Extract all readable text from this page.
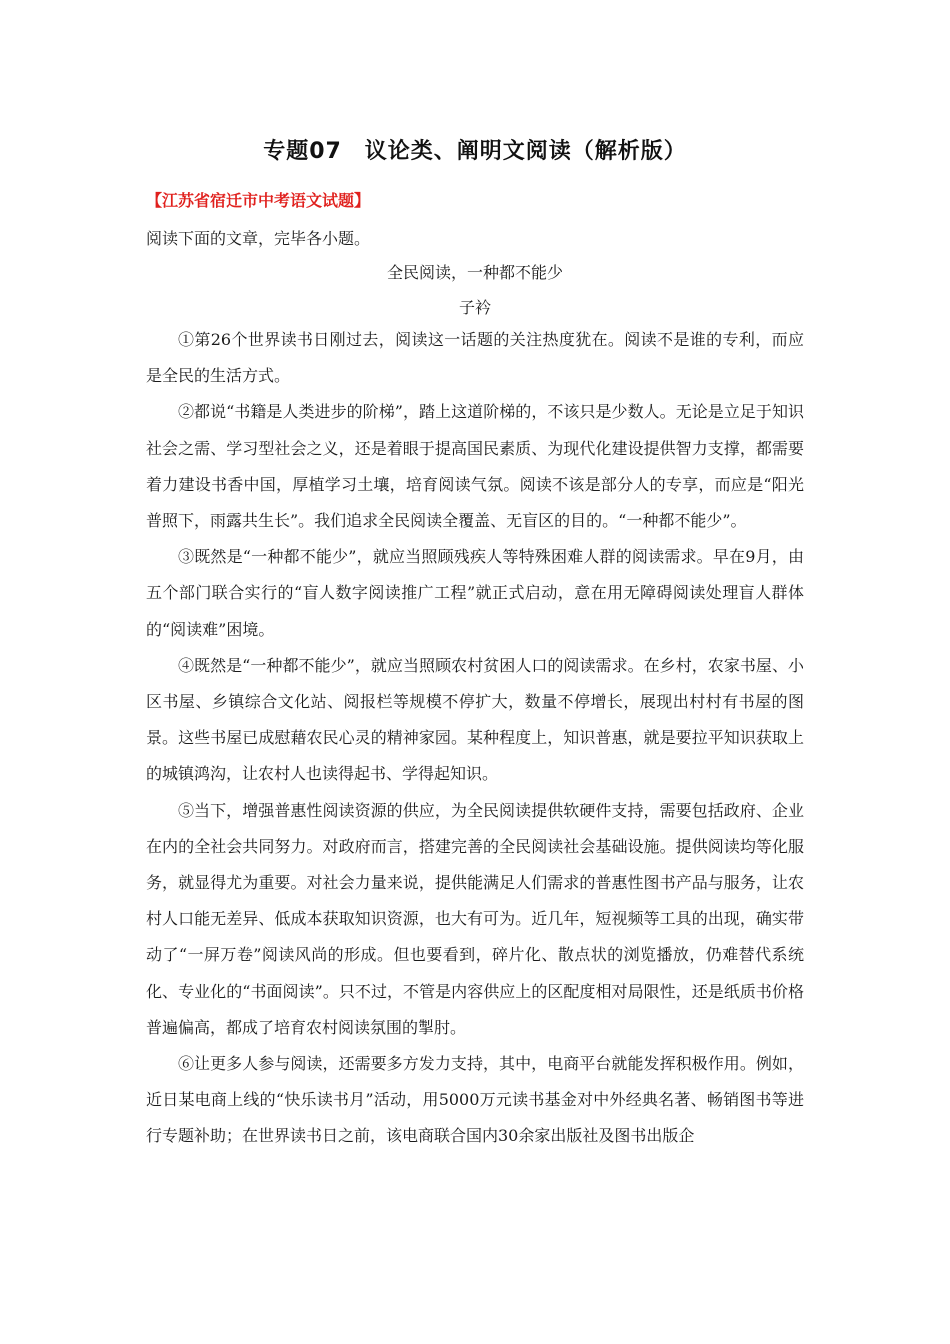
专题07　议论类、阐明文阅读（解析版）
【江苏省宿迁市中考语文试题】
阅读下面的文章，完毕各小题。
全民阅读，一种都不能少
子衿

①第26个世界读书日刚过去，阅读这一话题的关注热度犹在。阅读不是谁的专利，而应是全民的生活方式。

②都说“书籍是人类进步的阶梯”，踏上这道阶梯的，不该只是少数人。无论是立足于知识社会之需、学习型社会之义，还是着眼于提高国民素质、为现代化建设提供智力支撑，都需要着力建设书香中国，厚植学习土壤，培育阅读气氛。阅读不该是部分人的专享，而应是“阳光普照下，雨露共生长”。我们追求全民阅读全覆盖、无盲区的目的。“一种都不能少”。

③既然是“一种都不能少”，就应当照顾残疾人等特殊困难人群的阅读需求。早在9月，由五个部门联合实行的“盲人数字阅读推广工程”就正式启动，意在用无障碍阅读处理盲人群体的“阅读难”困境。

④既然是“一种都不能少”，就应当照顾农村贫困人口的阅读需求。在乡村，农家书屋、小区书屋、乡镇综合文化站、阅报栏等规模不停扩大，数量不停增长，展现出村村有书屋的图景。这些书屋已成慰藉农民心灵的精神家园。某种程度上，知识普惠，就是要拉平知识获取上的城镇鸿沟，让农村人也读得起书、学得起知识。

⑤当下，增强普惠性阅读资源的供应，为全民阅读提供软硬件支持，需要包括政府、企业在内的全社会共同努力。对政府而言，搭建完善的全民阅读社会基础设施。提供阅读均等化服务，就显得尤为重要。对社会力量来说，提供能满足人们需求的普惠性图书产品与服务，让农村人口能无差异、低成本获取知识资源，也大有可为。近几年，短视频等工具的出现，确实带动了“一屏万卷”阅读风尚的形成。但也要看到，碎片化、散点状的浏览播放，仍难替代系统化、专业化的“书面阅读”。只不过，不管是内容供应上的区配度相对局限性，还是纸质书价格普遍偏高，都成了培育农村阅读氛围的掣肘。

⑥让更多人参与阅读，还需要多方发力支持，其中，电商平台就能发挥积极作用。例如，近日某电商上线的“快乐读书月”活动，用5000万元读书基金对中外经典名著、畅销图书等进行专题补助；在世界读书日之前，该电商联合国内30余家出版社及图书出版企
